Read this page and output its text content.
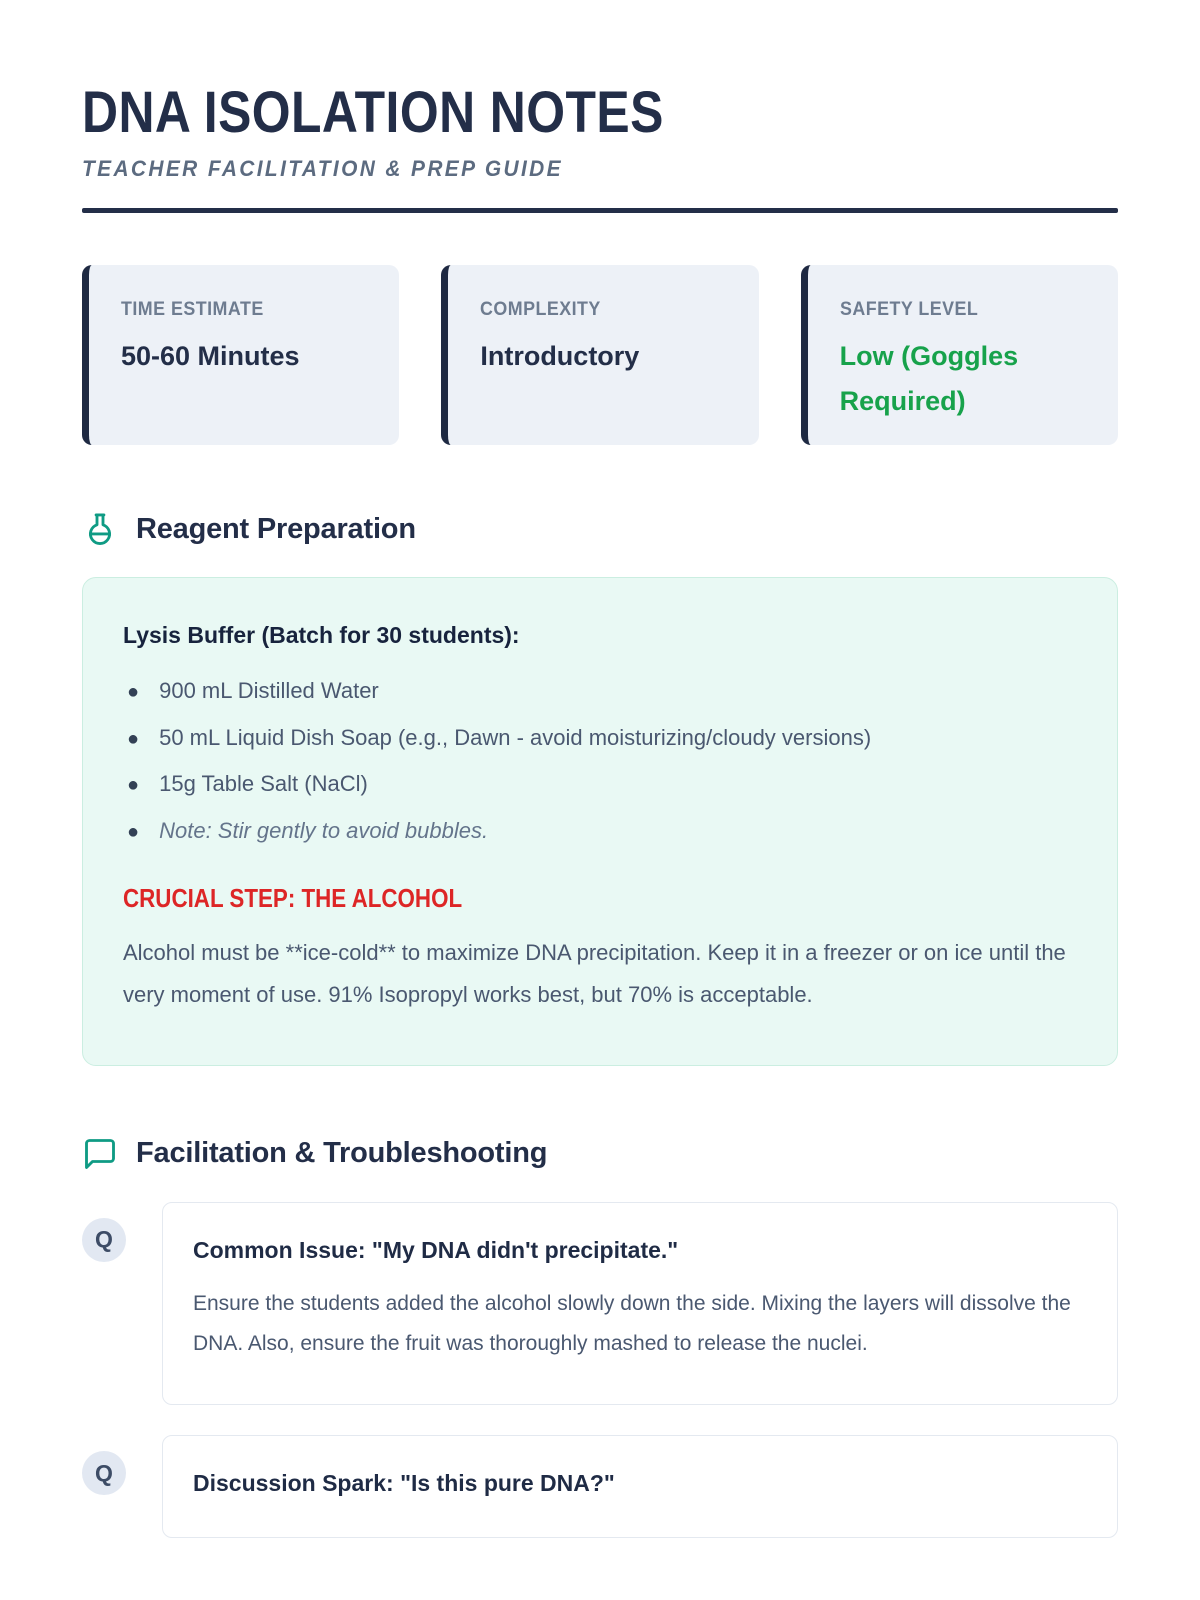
DNA ISOLATION NOTES
TEACHER FACILITATION & PREP GUIDE
TIME ESTIMATE
50-60 Minutes
COMPLEXITY
Introductory
SAFETY LEVEL
Low (Goggles Required)
Reagent Preparation
Lysis Buffer (Batch for 30 students):
● 900 mL Distilled Water
● 50 mL Liquid Dish Soap (e.g., Dawn - avoid moisturizing/cloudy versions)
● 15g Table Salt (NaCl)
● Note: Stir gently to avoid bubbles.
CRUCIAL STEP: THE ALCOHOL

Alcohol must be **ice-cold** to maximize DNA precipitation. Keep it in a freezer or on ice until the very moment of use. 91% Isopropyl works best, but 70% is acceptable.

Facilitation & Troubleshooting
Q	Common Issue: "My DNA didn't precipitate."

Ensure the students added the alcohol slowly down the side. Mixing the layers will dissolve the DNA. Also, ensure the fruit was thoroughly mashed to release the nuclei.

Q	Discussion Spark: "Is this pure DNA?"
